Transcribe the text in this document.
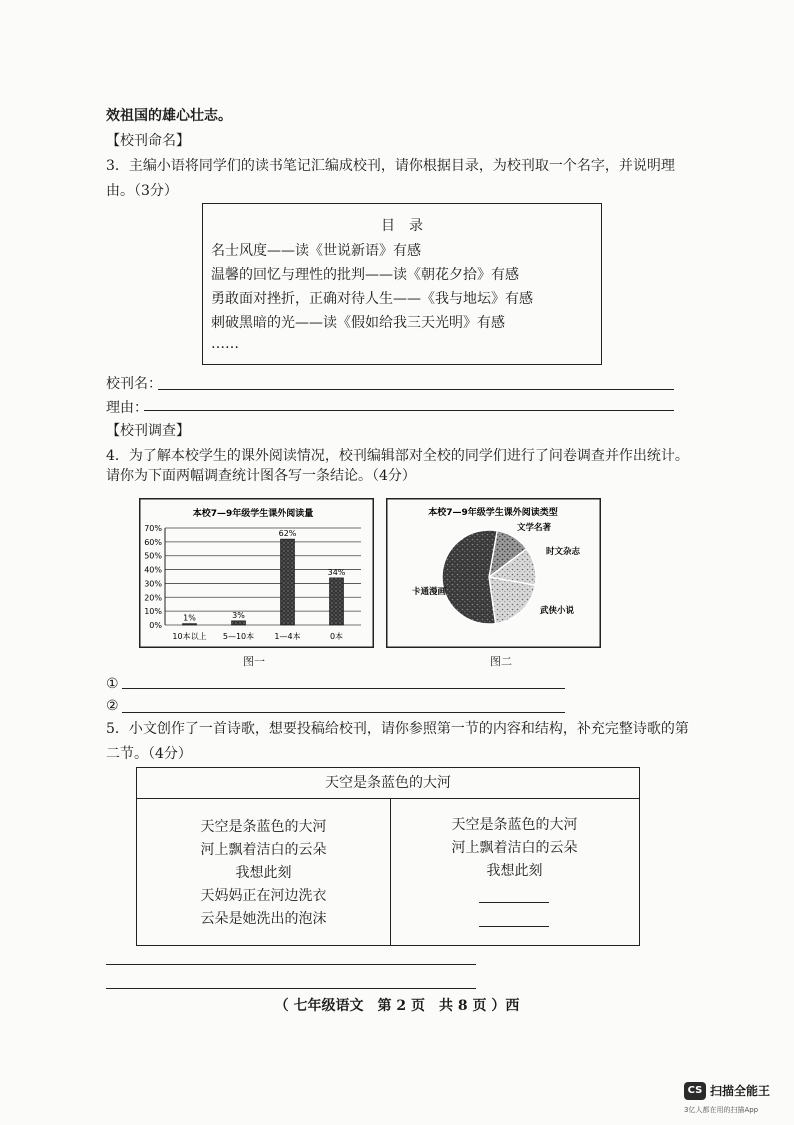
效祖国的雄心壮志。
【校刊命名】
3．主编小语将同学们的读书笔记汇编成校刊，请你根据目录，为校刊取一个名字，并说明理
由。（3分）
目　录
名士风度——读《世说新语》有感
温馨的回忆与理性的批判——读《朝花夕拾》有感
勇敢面对挫折，正确对待人生——《我与地坛》有感
刺破黑暗的光——读《假如给我三天光明》有感
……
校刊名：
理由：
【校刊调查】
4．为了解本校学生的课外阅读情况，校刊编辑部对全校的同学们进行了问卷调查并作出统计。
请你为下面两幅调查统计图各写一条结论。（4分）
本校7—9年级学生课外阅读量
0%
10%
20%
30%
40%
50%
60%
70%
1%
10本以上
3%
5—10本
62%
1—4本
34%
0本
图一
本校7—9年级学生课外阅读类型
文学名著
时文杂志
武侠小说
卡通漫画
图二
①
②
5．小文创作了一首诗歌，想要投稿给校刊，请你参照第一节的内容和结构，补充完整诗歌的第
二节。（4分）
天空是条蓝色的大河
天空是条蓝色的大河
河上飘着洁白的云朵
我想此刻
天妈妈正在河边洗衣
云朵是她洗出的泡沫
天空是条蓝色的大河
河上飘着洁白的云朵
我想此刻
（ 七年级语文　第 2 页　共 8 页 ）西
CS 扫描全能王
3亿人都在用的扫描App
